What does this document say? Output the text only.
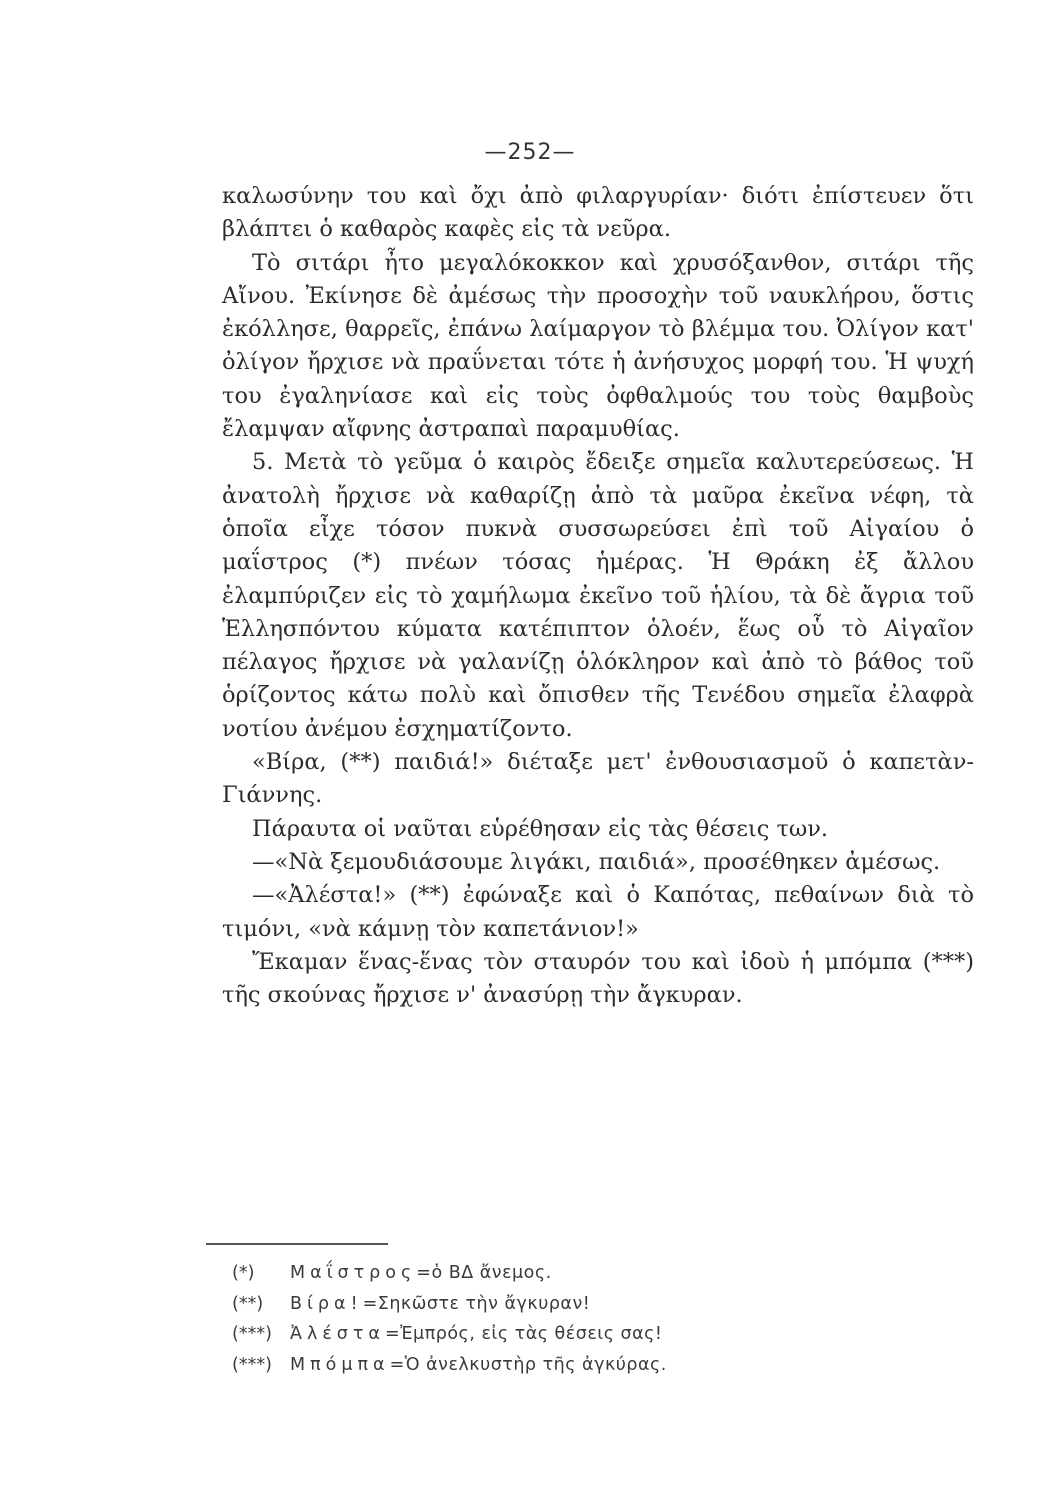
—252—

καλωσύνην του καὶ ὄχι ἀπὸ φιλαργυρίαν· διότι ἐπίστευεν ὅτι βλάπτει ὁ καθαρὸς καφὲς εἰς τὰ νεῦρα.

Τὸ σιτάρι ἦτο μεγαλόκοκκον καὶ χρυσόξανθον, σιτάρι τῆς Αἴνου. Ἐκίνησε δὲ ἀμέσως τὴν προσοχὴν τοῦ ναυκλήρου, ὅστις ἐκόλλησε, θαρρεῖς, ἐπάνω λαίμαργον τὸ βλέμμα του. Ὀλίγον κατ' ὀλίγον ἤρχισε νὰ πραΰνεται τότε ἡ ἀνήσυχος μορφή του. Ἡ ψυχή του ἐγαληνίασε καὶ εἰς τοὺς ὀφθαλμούς του τοὺς θαμβοὺς ἔλαμψαν αἴφνης ἀστραπαὶ παραμυθίας.

5. Μετὰ τὸ γεῦμα ὁ καιρὸς ἔδειξε σημεῖα καλυτερεύσεως. Ἡ ἀνατολὴ ἤρχισε νὰ καθαρίζῃ ἀπὸ τὰ μαῦρα ἐκεῖνα νέφη, τὰ ὁποῖα εἶχε τόσον πυκνὰ συσσωρεύσει ἐπὶ τοῦ Αἰγαίου ὁ μαΐστρος (*) πνέων τόσας ἡμέρας. Ἡ Θράκη ἐξ ἄλλου ἐλαμπύριζεν εἰς τὸ χαμήλωμα ἐκεῖνο τοῦ ἡλίου, τὰ δὲ ἄγρια τοῦ Ἑλλησπόντου κύματα κατέπιπτον ὁλοέν, ἕως οὗ τὸ Αἰγαῖον πέλαγος ἤρχισε νὰ γαλανίζῃ ὁλόκληρον καὶ ἀπὸ τὸ βάθος τοῦ ὁρίζοντος κάτω πολὺ καὶ ὄπισθεν τῆς Τενέδου σημεῖα ἐλαφρὰ νοτίου ἀνέμου ἐσχηματίζοντο.

«Βίρα, (**) παιδιά!» διέταξε μετ' ἐνθουσιασμοῦ ὁ καπετὰν-Γιάννης.

Πάραυτα οἱ ναῦται εὑρέθησαν εἰς τὰς θέσεις των.

—«Νὰ ξεμουδιάσουμε λιγάκι, παιδιά», προσέθηκεν ἀμέσως.

—«Ἀλέστα!» (**) ἐφώναξε καὶ ὁ Καπότας, πεθαίνων διὰ τὸ τιμόνι, «νὰ κάμνῃ τὸν καπετάνιον!»

Ἔκαμαν ἕνας-ἕνας τὸν σταυρόν του καὶ ἰδοὺ ἡ μπόμπα (***) τῆς σκούνας ἤρχισε ν' ἀνασύρῃ τὴν ἄγκυραν.

(*)	Μαΐστρος =ὁ ΒΔ ἄνεμος.
(**)	Βίρα! =Σηκῶστε τὴν ἄγκυραν!
(***)	Ἀλέστα =Ἐμπρός, εἰς τὰς θέσεις σας!
(***)	Μπόμπα =Ὁ ἀνελκυστὴρ τῆς ἀγκύρας.
